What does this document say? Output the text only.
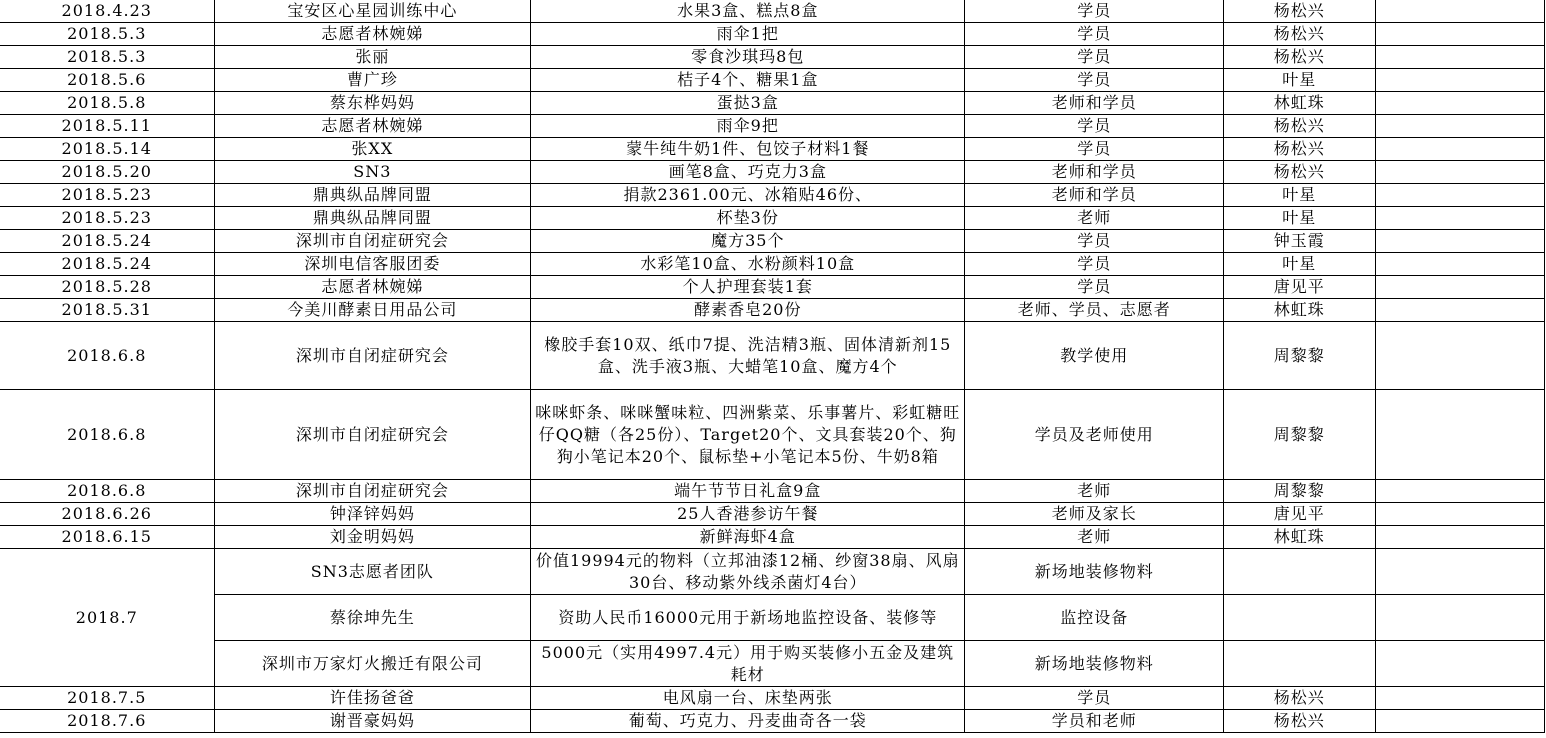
2018.4.23	宝安区心星园训练中心	水果3盒、糕点8盒	学员	杨松兴	
2018.5.3	志愿者林婉娣	雨伞1把	学员	杨松兴	
2018.5.3	张丽	零食沙琪玛8包	学员	杨松兴	
2018.5.6	曹广珍	桔子4个、糖果1盒	学员	叶星	
2018.5.8	蔡东桦妈妈	蛋挞3盒	老师和学员	林虹珠	
2018.5.11	志愿者林婉娣	雨伞9把	学员	杨松兴	
2018.5.14	张XX	蒙牛纯牛奶1件、包饺子材料1餐	学员	杨松兴	
2018.5.20	SN3	画笔8盒、巧克力3盒	老师和学员	杨松兴	
2018.5.23	鼎典纵品牌同盟	捐款2361.00元、冰箱贴46份、	老师和学员	叶星	
2018.5.23	鼎典纵品牌同盟	杯垫3份	老师	叶星	
2018.5.24	深圳市自闭症研究会	魔方35个	学员	钟玉霞	
2018.5.24	深圳电信客服团委	水彩笔10盒、水粉颜料10盒	学员	叶星	
2018.5.28	志愿者林婉娣	个人护理套装1套	学员	唐见平	
2018.5.31	今美川酵素日用品公司	酵素香皂20份	老师、学员、志愿者	林虹珠	
2018.6.8	深圳市自闭症研究会	橡胶手套10双、纸巾7提、洗洁精3瓶、固体清新剂15盒、洗手液3瓶、大蜡笔10盒、魔方4个	教学使用	周黎黎	
2018.6.8	深圳市自闭症研究会	咪咪虾条、咪咪蟹味粒、四洲紫菜、乐事薯片、彩虹糖旺仔QQ糖（各25份）、Target20个、文具套装20个、狗狗小笔记本20个、鼠标垫+小笔记本5份、牛奶8箱	学员及老师使用	周黎黎	
2018.6.8	深圳市自闭症研究会	端午节节日礼盒9盒	老师	周黎黎	
2018.6.26	钟泽锌妈妈	25人香港参访午餐	老师及家长	唐见平	
2018.6.15	刘金明妈妈	新鲜海虾4盒	老师	林虹珠	
2018.7	SN3志愿者团队	价值19994元的物料（立邦油漆12桶、纱窗38扇、风扇30台、移动紫外线杀菌灯4台）	新场地装修物料		
	蔡徐坤先生	资助人民币16000元用于新场地监控设备、装修等	监控设备		
	深圳市万家灯火搬迁有限公司	5000元（实用4997.4元）用于购买装修小五金及建筑耗材	新场地装修物料		
2018.7.5	许佳扬爸爸	电风扇一台、床垫两张	学员	杨松兴	
2018.7.6	谢晋豪妈妈	葡萄、巧克力、丹麦曲奇各一袋	学员和老师	杨松兴	
